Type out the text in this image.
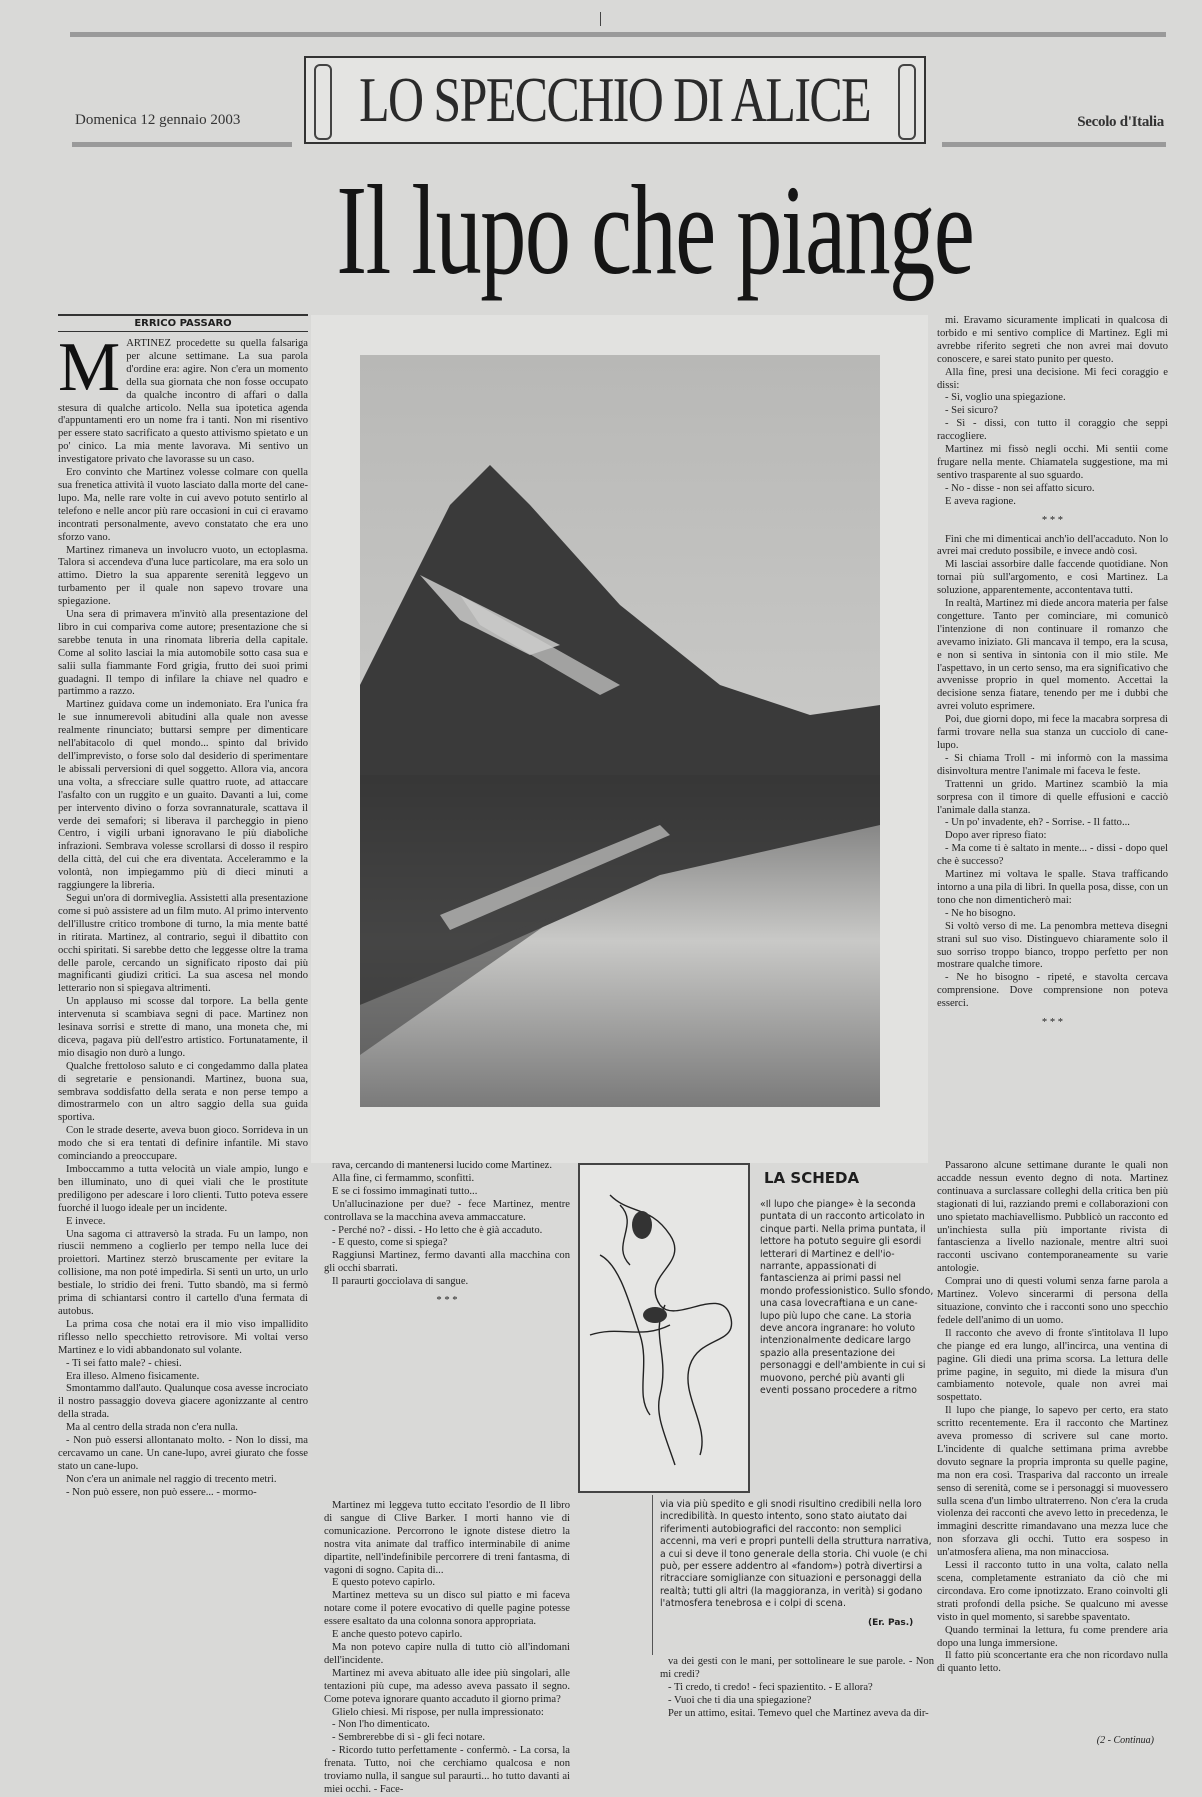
LO SPECCHIO DI ALICE
Domenica 12 gennaio 2003	Secolo d'Italia
Il lupo che piange
ERRICO PASSARO
M ARTINEZ procedette su quella falsariga per alcune settimane. La sua parola d'ordine era: agire. Non c'era un momento della sua giornata che non fosse occupato da qualche incontro di affari o dalla stesura di qualche articolo. Nella sua ipotetica agenda d'appuntamenti ero un nome fra i tanti. Non mi risentivo per essere stato sacrificato a questo attivismo spietato e un po' cinico. La mia mente lavorava. Mi sentivo un investigatore privato che lavorasse su un caso.

Ero convinto che Martinez volesse colmare con quella sua frenetica attività il vuoto lasciato dalla morte del cane-lupo. Ma, nelle rare volte in cui avevo potuto sentirlo al telefono e nelle ancor più rare occasioni in cui ci eravamo incontrati personalmente, avevo constatato che era uno sforzo vano.

Martinez rimaneva un involucro vuoto, un ectoplasma. Talora si accendeva d'una luce particolare, ma era solo un attimo. Dietro la sua apparente serenità leggevo un turbamento per il quale non sapevo trovare una spiegazione.

Una sera di primavera m'invitò alla presentazione del libro in cui compariva come autore; presentazione che si sarebbe tenuta in una rinomata libreria della capitale. Come al solito lasciai la mia automobile sotto casa sua e salii sulla fiammante Ford grigia, frutto dei suoi primi guadagni. Il tempo di infilare la chiave nel quadro e partimmo a razzo.

Martinez guidava come un indemoniato. Era l'unica fra le sue innumerevoli abitudini alla quale non avesse realmente rinunciato; buttarsi sempre per dimenticare nell'abitacolo di quel mondo... spinto dal brivido dell'imprevisto, o forse solo dal desiderio di sperimentare le abissali perversioni di quel soggetto. Allora via, ancora una volta, a sfrecciare sulle quattro ruote, ad attaccare l'asfalto con un ruggito e un guaito. Davanti a lui, come per intervento divino o forza sovrannaturale, scattava il verde dei semafori; si liberava il parcheggio in pieno Centro, i vigili urbani ignoravano le più diaboliche infrazioni. Sembrava volesse scrollarsi di dosso il respiro della città, del cui che era diventata. Accelerammo e la volontà, non impiegammo più di dieci minuti a raggiungere la libreria.

Seguì un'ora di dormiveglia. Assistetti alla presentazione come si può assistere ad un film muto. Al primo intervento dell'illustre critico trombone di turno, la mia mente batté in ritirata. Martinez, al contrario, seguì il dibattito con occhi spiritati. Si sarebbe detto che leggesse oltre la trama delle parole, cercando un significato riposto dai più magnificanti giudizi critici. La sua ascesa nel mondo letterario non si spiegava altrimenti.

Un applauso mi scosse dal torpore. La bella gente intervenuta si scambiava segni di pace. Martinez non lesinava sorrisi e strette di mano, una moneta che, mi diceva, pagava più dell'estro artistico. Fortunatamente, il mio disagio non durò a lungo.

Qualche frettoloso saluto e ci congedammo dalla platea di segretarie e pensionandi. Martinez, buona sua, sembrava soddisfatto della serata e non perse tempo a dimostrarmelo con un altro saggio della sua guida sportiva.

Con le strade deserte, aveva buon gioco. Sorrideva in un modo che si era tentati di definire infantile. Mi stavo cominciando a preoccupare.

Imboccammo a tutta velocità un viale ampio, lungo e ben illuminato, uno di quei viali che le prostitute prediligono per adescare i loro clienti. Tutto poteva essere fuorché il luogo ideale per un incidente.

E invece.

Una sagoma ci attraversò la strada. Fu un lampo, non riuscii nemmeno a coglierlo per tempo nella luce dei proiettori. Martinez sterzò bruscamente per evitare la collisione, ma non poté impedirla. Si sentì un urto, un urlo bestiale, lo stridio dei freni. Tutto sbandò, ma si fermò prima di schiantarsi contro il cartello d'una fermata di autobus.

La prima cosa che notai era il mio viso impallidito riflesso nello specchietto retrovisore. Mi voltai verso Martinez e lo vidi abbandonato sul volante.

- Ti sei fatto male? - chiesi.

Era illeso. Almeno fisicamente.

Smontammo dall'auto. Qualunque cosa avesse incrociato il nostro passaggio doveva giacere agonizzante al centro della strada.

Ma al centro della strada non c'era nulla.

- Non può essersi allontanato molto. - Non lo dissi, ma cercavamo un cane. Un cane-lupo, avrei giurato che fosse stato un cane-lupo.

Non c'era un animale nel raggio di trecento metri.

- Non può essere, non può essere... - mormo-

rava, cercando di mantenersi lucido come Martinez.

Alla fine, ci fermammo, sconfitti.

E se ci fossimo immaginati tutto...

Un'allucinazione per due? - fece Martinez, mentre controllava se la macchina aveva ammaccature.

- Perché no? - dissi. - Ho letto che è già accaduto.

- E questo, come si spiega?

Raggiunsi Martinez, fermo davanti alla macchina con gli occhi sbarrati.

Il paraurti gocciolava di sangue.

* * *

Martinez mi leggeva tutto eccitato l'esordio de Il libro di sangue di Clive Barker. I morti hanno vie di comunicazione. Percorrono le ignote distese dietro la nostra vita animate dal traffico interminabile di anime dipartite, nell'indefinibile percorrere di treni fantasma, di vagoni di sogno. Capita di...

E questo potevo capirlo.

Martinez metteva su un disco sul piatto e mi faceva notare come il potere evocativo di quelle pagine potesse essere esaltato da una colonna sonora appropriata.

E anche questo potevo capirlo.

Ma non potevo capire nulla di tutto ciò all'indomani dell'incidente.

Martinez mi aveva abituato alle idee più singolari, alle tentazioni più cupe, ma adesso aveva passato il segno. Come poteva ignorare quanto accaduto il giorno prima?

Glielo chiesi. Mi rispose, per nulla impressionato:

- Non l'ho dimenticato.

- Sembrerebbe di sì - gli feci notare.

- Ricordo tutto perfettamente - confermò. - La corsa, la frenata. Tutto, noi che cerchiamo qualcosa e non troviamo nulla, il sangue sul paraurti... ho tutto davanti ai miei occhi. - Face-

LA SCHEDA
«Il lupo che piange» è la seconda puntata di un racconto articolato in cinque parti. Nella prima puntata, il lettore ha potuto seguire gli esordi letterari di Martinez e dell'io-narrante, appassionati di fantascienza ai primi passi nel mondo professionistico. Sullo sfondo, una casa lovecraftiana e un cane-lupo più lupo che cane. La storia deve ancora ingranare: ho voluto intenzionalmente dedicare largo spazio alla presentazione dei personaggi e dell'ambiente in cui si muovono, perché più avanti gli eventi possano procedere a ritmo
via via più spedito e gli snodi risultino credibili nella loro incredibilità. In questo intento, sono stato aiutato dai riferimenti autobiografici del racconto: non semplici accenni, ma veri e propri puntelli della struttura narrativa, a cui si deve il tono generale della storia. Chi vuole (e chi può, per essere addentro al «fandom») potrà divertirsi a ritracciare somiglianze con situazioni e personaggi della realtà; tutti gli altri (la maggioranza, in verità) si godano l'atmosfera tenebrosa e i colpi di scena.
(Er. Pas.)

va dei gesti con le mani, per sottolineare le sue parole. - Non mi credi?

- Ti credo, ti credo! - feci spazientito. - E allora?

- Vuoi che ti dia una spiegazione?

Per un attimo, esitai. Temevo quel che Martinez aveva da dir-

mi. Eravamo sicuramente implicati in qualcosa di torbido e mi sentivo complice di Martinez. Egli mi avrebbe riferito segreti che non avrei mai dovuto conoscere, e sarei stato punito per questo.

Alla fine, presi una decisione. Mi feci coraggio e dissi:

- Sì, voglio una spiegazione.

- Sei sicuro?

- Sì - dissi, con tutto il coraggio che seppi raccogliere.

Martinez mi fissò negli occhi. Mi sentii come frugare nella mente. Chiamatela suggestione, ma mi sentivo trasparente al suo sguardo.

- No - disse - non sei affatto sicuro.

E aveva ragione.

* * *

Finì che mi dimenticai anch'io dell'accaduto. Non lo avrei mai creduto possibile, e invece andò così.

Mi lasciai assorbire dalle faccende quotidiane. Non tornai più sull'argomento, e così Martinez. La soluzione, apparentemente, accontentava tutti.

In realtà, Martinez mi diede ancora materia per false congetture. Tanto per cominciare, mi comunicò l'intenzione di non continuare il romanzo che avevamo iniziato. Gli mancava il tempo, era la scusa, e non si sentiva in sintonia con il mio stile. Me l'aspettavo, in un certo senso, ma era significativo che avvenisse proprio in quel momento. Accettai la decisione senza fiatare, tenendo per me i dubbi che avrei voluto esprimere.

Poi, due giorni dopo, mi fece la macabra sorpresa di farmi trovare nella sua stanza un cucciolo di cane-lupo.

- Si chiama Troll - mi informò con la massima disinvoltura mentre l'animale mi faceva le feste.

Trattenni un grido. Martinez scambiò la mia sorpresa con il timore di quelle effusioni e cacciò l'animale dalla stanza.

- Un po' invadente, eh? - Sorrise. - Il fatto...

Dopo aver ripreso fiato:

- Ma come ti è saltato in mente... - dissi - dopo quel che è successo?

Martinez mi voltava le spalle. Stava trafficando intorno a una pila di libri. In quella posa, disse, con un tono che non dimenticherò mai:

- Ne ho bisogno.

Si voltò verso di me. La penombra metteva disegni strani sul suo viso. Distinguevo chiaramente solo il suo sorriso troppo bianco, troppo perfetto per non mostrare qualche timore.

- Ne ho bisogno - ripeté, e stavolta cercava comprensione. Dove comprensione non poteva esserci.

* * *

Passarono alcune settimane durante le quali non accadde nessun evento degno di nota. Martinez continuava a surclassare colleghi della critica ben più stagionati di lui, razziando premi e collaborazioni con uno spietato machiavellismo. Pubblicò un racconto ed un'inchiesta sulla più importante rivista di fantascienza a livello nazionale, mentre altri suoi racconti uscivano contemporaneamente su varie antologie.

Comprai uno di questi volumi senza farne parola a Martinez. Volevo sincerarmi di persona della situazione, convinto che i racconti sono uno specchio fedele dell'animo di un uomo.

Il racconto che avevo di fronte s'intitolava Il lupo che piange ed era lungo, all'incirca, una ventina di pagine. Gli diedi una prima scorsa. La lettura delle prime pagine, in seguito, mi diede la misura d'un cambiamento notevole, quale non avrei mai sospettato.

Il lupo che piange, lo sapevo per certo, era stato scritto recentemente. Era il racconto che Martinez aveva promesso di scrivere sul cane morto. L'incidente di qualche settimana prima avrebbe dovuto segnare la propria impronta su quelle pagine, ma non era così. Traspariva dal racconto un irreale senso di serenità, come se i personaggi si muovessero sulla scena d'un limbo ultraterreno. Non c'era la cruda violenza dei racconti che avevo letto in precedenza, le immagini descritte rimandavano una mezza luce che non sforzava gli occhi. Tutto era sospeso in un'atmosfera aliena, ma non minacciosa.

Lessi il racconto tutto in una volta, calato nella scena, completamente estraniato da ciò che mi circondava. Ero come ipnotizzato. Erano coinvolti gli strati profondi della psiche. Se qualcuno mi avesse visto in quel momento, si sarebbe spaventato.

Quando terminai la lettura, fu come prendere aria dopo una lunga immersione.

Il fatto più sconcertante era che non ricordavo nulla di quanto letto.

(2 - Continua)
